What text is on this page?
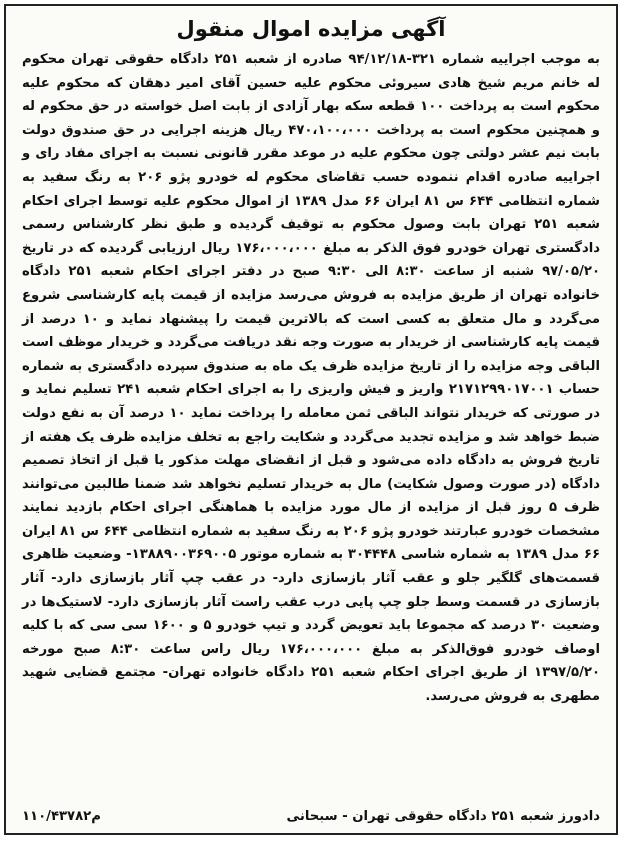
آگهی مزایده اموال منقول

به موجب اجراییه شماره ۳۲۱-۹۴/۱۲/۱۸ صادره از شعبه ۲۵۱ دادگاه حقوقی تهران محکوم له خانم مریم شیخ هادی سیروئی محکوم علیه حسین آقای امیر دهقان که محکوم علیه محکوم است به پرداخت ۱۰۰ قطعه سکه بهار آزادی از بابت اصل خواسته در حق محکوم له و همچنین محکوم است به پرداخت ۴۷۰،۱۰۰،۰۰۰ ریال هزینه اجرایی در حق صندوق دولت بابت نیم عشر دولتی چون محکوم علیه در موعد مقرر قانونی نسبت به اجرای مفاد رای و اجراییه صادره اقدام ننموده حسب تقاضای محکوم له خودرو پژو ۲۰۶ به رنگ سفید به شماره انتظامی ۶۴۴ س ۸۱ ایران ۶۶ مدل ۱۳۸۹ از اموال محکوم علیه توسط اجرای احکام شعبه ۲۵۱ تهران بابت وصول محکوم به توقیف گردیده و طبق نظر کارشناس رسمی دادگستری تهران خودرو فوق الذکر به مبلغ ۱۷۶،۰۰۰،۰۰۰ ریال ارزیابی گردیده که در تاریخ ۹۷/۰۵/۲۰ شنبه از ساعت ۸:۳۰ الی ۹:۳۰ صبح در دفتر اجرای احکام شعبه ۲۵۱ دادگاه خانواده تهران از طریق مزایده به فروش می‌رسد مزایده از قیمت پایه کارشناسی شروع می‌گردد و مال متعلق به کسی است که بالاترین قیمت را پیشنهاد نماید و ۱۰ درصد از قیمت پایه کارشناسی از خریدار به صورت وجه نقد دریافت می‌گردد و خریدار موظف است الباقی وجه مزایده را از تاریخ مزایده ظرف یک ماه به صندوق سپرده دادگستری به شماره حساب ۲۱۷۱۲۹۹۰۱۷۰۰۱ واریز و فیش واریزی را به اجرای احکام شعبه ۲۴۱ تسلیم نماید و در صورتی که خریدار نتواند الباقی ثمن معامله را پرداخت نماید ۱۰ درصد آن به نفع دولت ضبط خواهد شد و مزایده تجدید می‌گردد و شکایت راجع به تخلف مزایده ظرف یک هفته از تاریخ فروش به دادگاه داده می‌شود و قبل از انقضای مهلت مذکور یا قبل از اتخاذ تصمیم دادگاه (در صورت وصول شکایت) مال به خریدار تسلیم نخواهد شد ضمنا طالبین می‌توانند ظرف ۵ روز قبل از مزایده از مال مورد مزایده با هماهنگی اجرای احکام بازدید نمایند مشخصات خودرو عبارتند خودرو پژو ۲۰۶ به رنگ سفید به شماره انتظامی ۶۴۴ س ۸۱ ایران ۶۶ مدل ۱۳۸۹ به شماره شاسی ۳۰۴۴۴۸ به شماره موتور ۱۳۸۸۹۰۰۳۶۹۰۰۵- وضعیت ظاهری قسمت‌های گلگیر جلو و عقب آثار بازسازی دارد- در عقب چپ آثار بازسازی دارد- آثار بازسازی در قسمت وسط جلو چپ پایی درب عقب راست آثار بازسازی دارد- لاستیک‌ها در وضعیت ۳۰ درصد که مجموعا باید تعویض گردد و تیپ خودرو ۵ و ۱۶۰۰ سی سی که با کلیه اوصاف خودرو فوق‌الذکر به مبلغ ۱۷۶،۰۰۰،۰۰۰ ریال راس ساعت ۸:۳۰ صبح مورخه ۱۳۹۷/۵/۲۰ از طریق اجرای احکام شعبه ۲۵۱ دادگاه خانواده تهران- مجتمع قضایی شهید مطهری به فروش می‌رسد.

دادورز شعبه ۲۵۱ دادگاه حقوقی تهران - سبحانی
۱۱۰/۴۳۷۸۲م
